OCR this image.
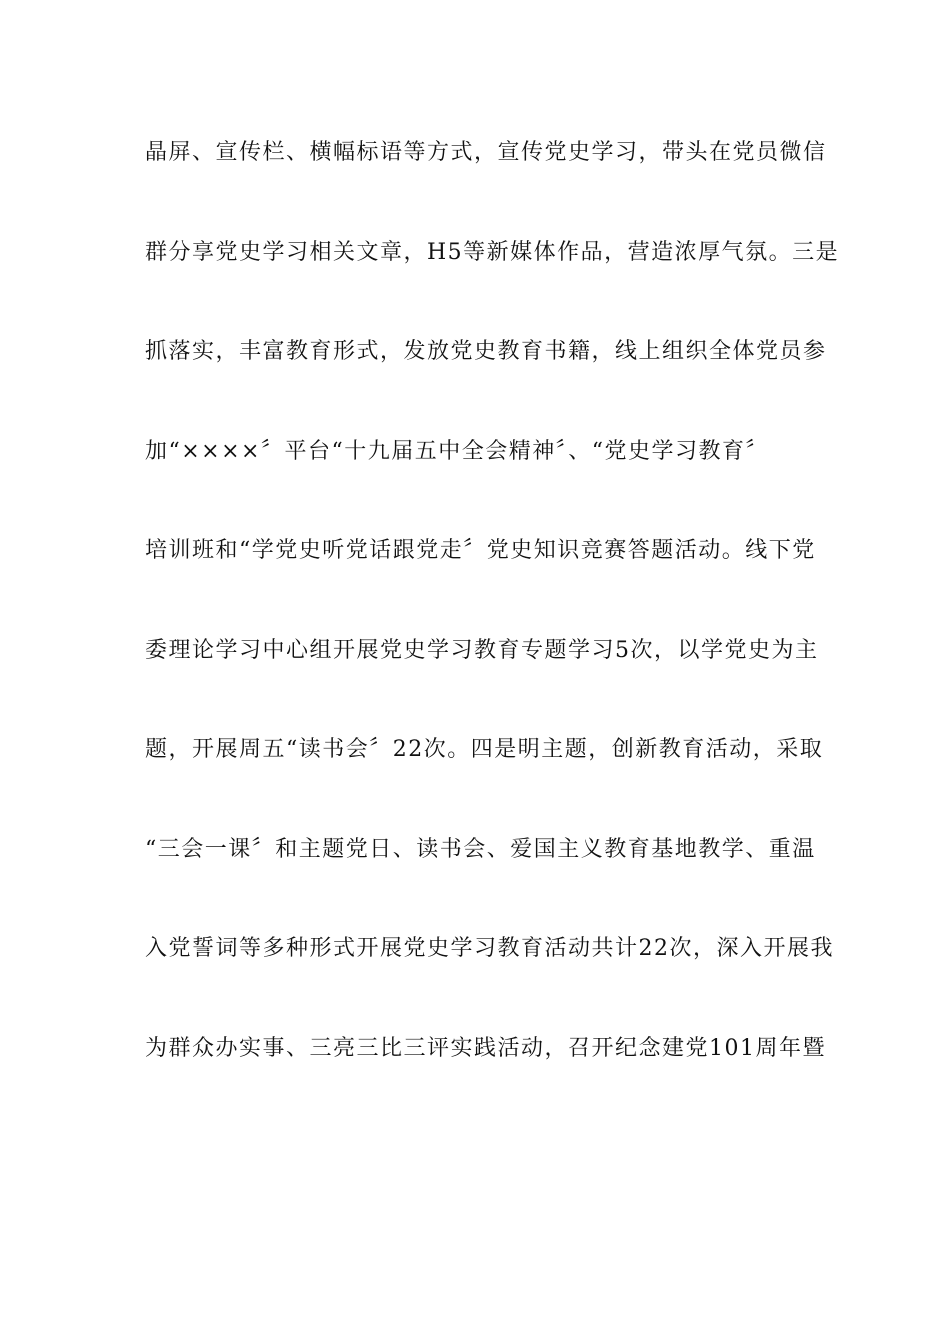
晶屏、宣传栏、横幅标语等方式，宣传党史学习，带头在党员微信
群分享党史学习相关文章，H5等新媒体作品，营造浓厚气氛。三是
抓落实，丰富教育形式，发放党史教育书籍，线上组织全体党员参
加“××××〞平台“十九届五中全会精神〞、“党史学习教育〞
培训班和“学党史听党话跟党走〞党史知识竞赛答题活动。线下党
委理论学习中心组开展党史学习教育专题学习5次，以学党史为主
题，开展周五“读书会〞22次。四是明主题，创新教育活动，采取
“三会一课〞和主题党日、读书会、爱国主义教育基地教学、重温
入党誓词等多种形式开展党史学习教育活动共计22次，深入开展我
为群众办实事、三亮三比三评实践活动，召开纪念建党101周年暨
